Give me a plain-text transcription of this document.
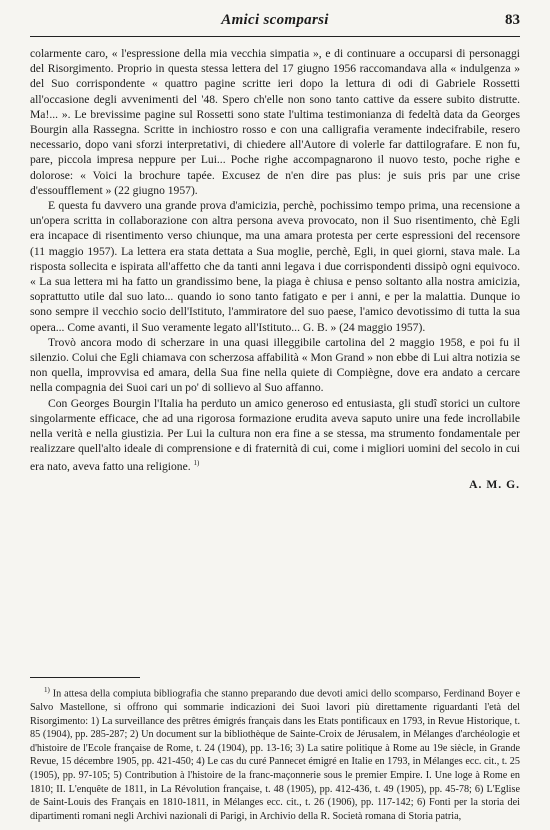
Amici scomparsi	83

colarmente caro, « l'espressione della mia vecchia simpatia », e di continuare a occuparsi di personaggi del Risorgimento. Proprio in questa stessa lettera del 17 giugno 1956 raccomandava alla « indulgenza » del Suo corrispondente « quattro pagine scritte ieri dopo la lettura di odi di Gabriele Rossetti all'occasione degli avvenimenti del '48. Spero ch'elle non sono tanto cattive da essere subito distrutte. Ma!... ». Le brevissime pagine sul Rossetti sono state l'ultima testimonianza di fedeltà data da Georges Bourgin alla Rassegna. Scritte in inchiostro rosso e con una calligrafia veramente indecifrabile, resero necessario, dopo vani sforzi interpretativi, di chiedere all'Autore di volerle far dattilografare. E non fu, pare, piccola impresa neppure per Lui... Poche righe accompagnarono il nuovo testo, poche righe e dolorose: « Voici la brochure tapée. Excusez de n'en dire pas plus: je suis pris par une crise d'essoufflement » (22 giugno 1957).

E questa fu davvero una grande prova d'amicizia, perchè, pochissimo tempo prima, una recensione a un'opera scritta in collaborazione con altra persona aveva provocato, non il Suo risentimento, chè Egli era incapace di risentimento verso chiunque, ma una amara protesta per certe espressioni del recensore (11 maggio 1957). La lettera era stata dettata a Sua moglie, perchè, Egli, in quei giorni, stava male. La risposta sollecita e ispirata all'affetto che da tanti anni legava i due corrispondenti dissipò ogni equivoco. « La sua lettera mi ha fatto un grandissimo bene, la piaga è chiusa e penso soltanto alla nostra amicizia, soprattutto utile dal suo lato... quando io sono tanto fatigato e per i anni, e per la malattia. Dunque io sono sempre il vecchio socio dell'Istituto, l'ammiratore del suo paese, l'amico devotissimo di tutta la sua opera... Come avanti, il Suo veramente legato all'Istituto... G. B. » (24 maggio 1957).

Trovò ancora modo di scherzare in una quasi illeggibile cartolina del 2 maggio 1958, e poi fu il silenzio. Colui che Egli chiamava con scherzosa affabilità « Mon Grand » non ebbe di Lui altra notizia se non quella, improvvisa ed amara, della Sua fine nella quiete di Compiègne, dove era andato a cercare nella compagnia dei Suoi cari un po' di sollievo al Suo affanno.

Con Georges Bourgin l'Italia ha perduto un amico generoso ed entusiasta, gli studî storici un cultore singolarmente efficace, che ad una rigorosa formazione erudita aveva saputo unire una fede incrollabile nella verità e nella giustizia. Per Lui la cultura non era fine a se stessa, ma strumento fondamentale per realizzare quell'alto ideale di comprensione e di fraternità di cui, come i migliori uomini del secolo in cui era nato, aveva fatto una religione. $^{1)}$

A. M. G.

$^{1)}$ In attesa della compiuta bibliografia che stanno preparando due devoti amici dello scomparso, Ferdinand Boyer e Salvo Mastellone, si offrono qui sommarie indicazioni dei Suoi lavori più direttamente riguardanti l'età del Risorgimento: 1) La surveillance des prêtres émigrés français dans les Etats pontificaux en 1793, in Revue Historique, t. 85 (1904), pp. 285-287; 2) Un document sur la bibliothèque de Sainte-Croix de Jérusalem, in Mélanges d'archéologie et d'histoire de l'Ecole française de Rome, t. 24 (1904), pp. 13-16; 3) La satire politique à Rome au 19e siècle, in Grande Revue, 15 décembre 1905, pp. 421-450; 4) Le cas du curé Pannecet émigré en Italie en 1793, in Mélanges ecc. cit., t. 25 (1905), pp. 97-105; 5) Contribution à l'histoire de la franc-maçonnerie sous le premier Empire. I. Une loge à Rome en 1810; II. L'enquête de 1811, in La Révolution française, t. 48 (1905), pp. 412-436, t. 49 (1905), pp. 45-78; 6) L'Eglise de Saint-Louis des Français en 1810-1811, in Mélanges ecc. cit., t. 26 (1906), pp. 117-142; 6) Fonti per la storia dei dipartimenti romani negli Archivi nazionali di Parigi, in Archivio della R. Società romana di Storia patria,
